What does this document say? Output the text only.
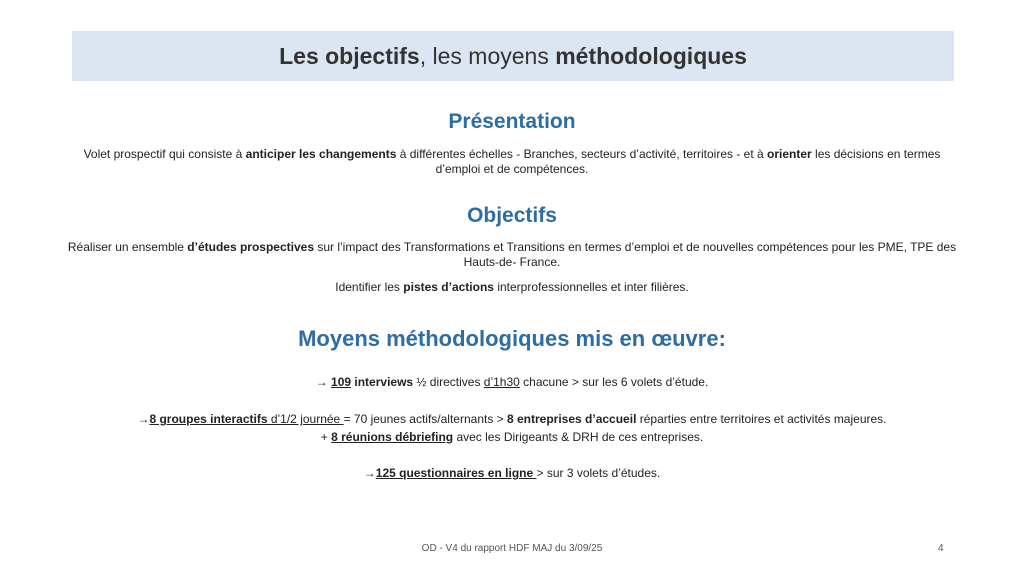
Les objectifs, les moyens méthodologiques
Présentation
Volet prospectif qui consiste à anticiper les changements à différentes échelles - Branches, secteurs d’activité, territoires - et à orienter les décisions en termes d’emploi et de compétences.
Objectifs
Réaliser un ensemble d’études prospectives sur l’impact des Transformations et Transitions en termes d’emploi et de nouvelles compétences pour les PME, TPE des Hauts-de- France.
Identifier les pistes d’actions interprofessionnelles et inter filières.
Moyens méthodologiques mis en œuvre:
→ 109 interviews ½ directives d’1h30 chacune > sur les 6 volets d’étude.
→8 groupes interactifs d’1/2 journée = 70 jeunes actifs/alternants > 8 entreprises d’accueil réparties entre territoires et activités majeures.
+ 8 réunions débriefing avec les Dirigeants & DRH de ces entreprises.
→125 questionnaires en ligne > sur 3 volets d’études.
OD - V4 du rapport HDF MAJ du 3/09/25	4
